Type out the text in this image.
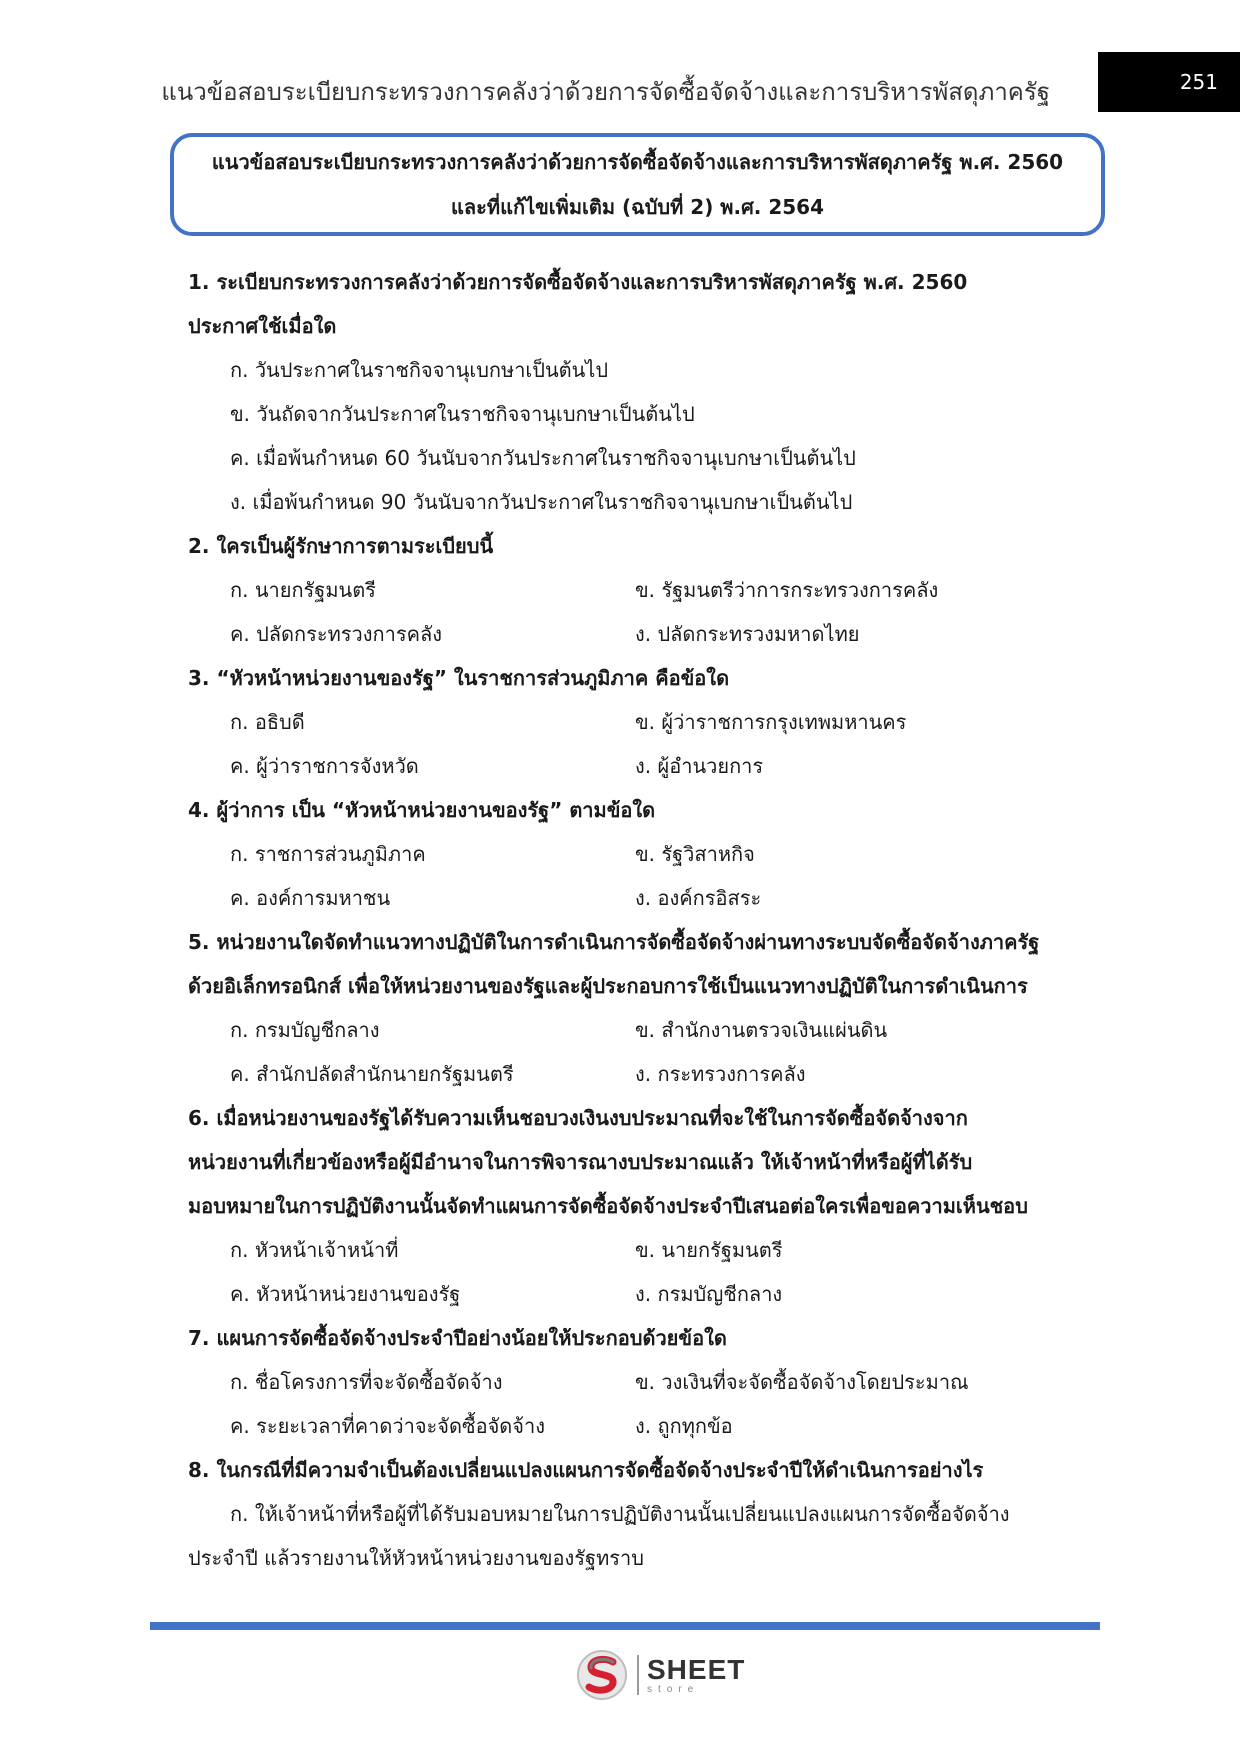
แนวข้อสอบระเบียบกระทรวงการคลังว่าด้วยการจัดซื้อจัดจ้างและการบริหารพัสดุภาครัฐ	251
แนวข้อสอบระเบียบกระทรวงการคลังว่าด้วยการจัดซื้อจัดจ้างและการบริหารพัสดุภาครัฐ พ.ศ. 2560
และที่แก้ไขเพิ่มเติม (ฉบับที่ 2) พ.ศ. 2564
1. ระเบียบกระทรวงการคลังว่าด้วยการจัดซื้อจัดจ้างและการบริหารพัสดุภาครัฐ พ.ศ. 2560
ประกาศใช้เมื่อใด
ก. วันประกาศในราชกิจจานุเบกษาเป็นต้นไป
ข. วันถัดจากวันประกาศในราชกิจจานุเบกษาเป็นต้นไป
ค. เมื่อพ้นกำหนด 60 วันนับจากวันประกาศในราชกิจจานุเบกษาเป็นต้นไป
ง. เมื่อพ้นกำหนด 90 วันนับจากวันประกาศในราชกิจจานุเบกษาเป็นต้นไป
2. ใครเป็นผู้รักษาการตามระเบียบนี้
ก. นายกรัฐมนตรี	ข. รัฐมนตรีว่าการกระทรวงการคลัง
ค. ปลัดกระทรวงการคลัง	ง. ปลัดกระทรวงมหาดไทย
3. “หัวหน้าหน่วยงานของรัฐ” ในราชการส่วนภูมิภาค คือข้อใด
ก. อธิบดี	ข. ผู้ว่าราชการกรุงเทพมหานคร
ค. ผู้ว่าราชการจังหวัด	ง. ผู้อำนวยการ
4. ผู้ว่าการ เป็น “หัวหน้าหน่วยงานของรัฐ” ตามข้อใด
ก. ราชการส่วนภูมิภาค	ข. รัฐวิสาหกิจ
ค. องค์การมหาชน	ง. องค์กรอิสระ
5. หน่วยงานใดจัดทำแนวทางปฏิบัติในการดำเนินการจัดซื้อจัดจ้างผ่านทางระบบจัดซื้อจัดจ้างภาครัฐ
ด้วยอิเล็กทรอนิกส์ เพื่อให้หน่วยงานของรัฐและผู้ประกอบการใช้เป็นแนวทางปฏิบัติในการดำเนินการ
ก. กรมบัญชีกลาง	ข. สำนักงานตรวจเงินแผ่นดิน
ค. สำนักปลัดสำนักนายกรัฐมนตรี	ง. กระทรวงการคลัง
6. เมื่อหน่วยงานของรัฐได้รับความเห็นชอบวงเงินงบประมาณที่จะใช้ในการจัดซื้อจัดจ้างจาก
หน่วยงานที่เกี่ยวข้องหรือผู้มีอำนาจในการพิจารณางบประมาณแล้ว ให้เจ้าหน้าที่หรือผู้ที่ได้รับ
มอบหมายในการปฏิบัติงานนั้นจัดทำแผนการจัดซื้อจัดจ้างประจำปีเสนอต่อใครเพื่อขอความเห็นชอบ
ก. หัวหน้าเจ้าหน้าที่	ข. นายกรัฐมนตรี
ค. หัวหน้าหน่วยงานของรัฐ	ง. กรมบัญชีกลาง
7. แผนการจัดซื้อจัดจ้างประจำปีอย่างน้อยให้ประกอบด้วยข้อใด
ก. ชื่อโครงการที่จะจัดซื้อจัดจ้าง	ข. วงเงินที่จะจัดซื้อจัดจ้างโดยประมาณ
ค. ระยะเวลาที่คาดว่าจะจัดซื้อจัดจ้าง	ง. ถูกทุกข้อ
8. ในกรณีที่มีความจำเป็นต้องเปลี่ยนแปลงแผนการจัดซื้อจัดจ้างประจำปีให้ดำเนินการอย่างไร
ก. ให้เจ้าหน้าที่หรือผู้ที่ได้รับมอบหมายในการปฏิบัติงานนั้นเปลี่ยนแปลงแผนการจัดซื้อจัดจ้าง
ประจำปี แล้วรายงานให้หัวหน้าหน่วยงานของรัฐทราบ
SHEET
store
